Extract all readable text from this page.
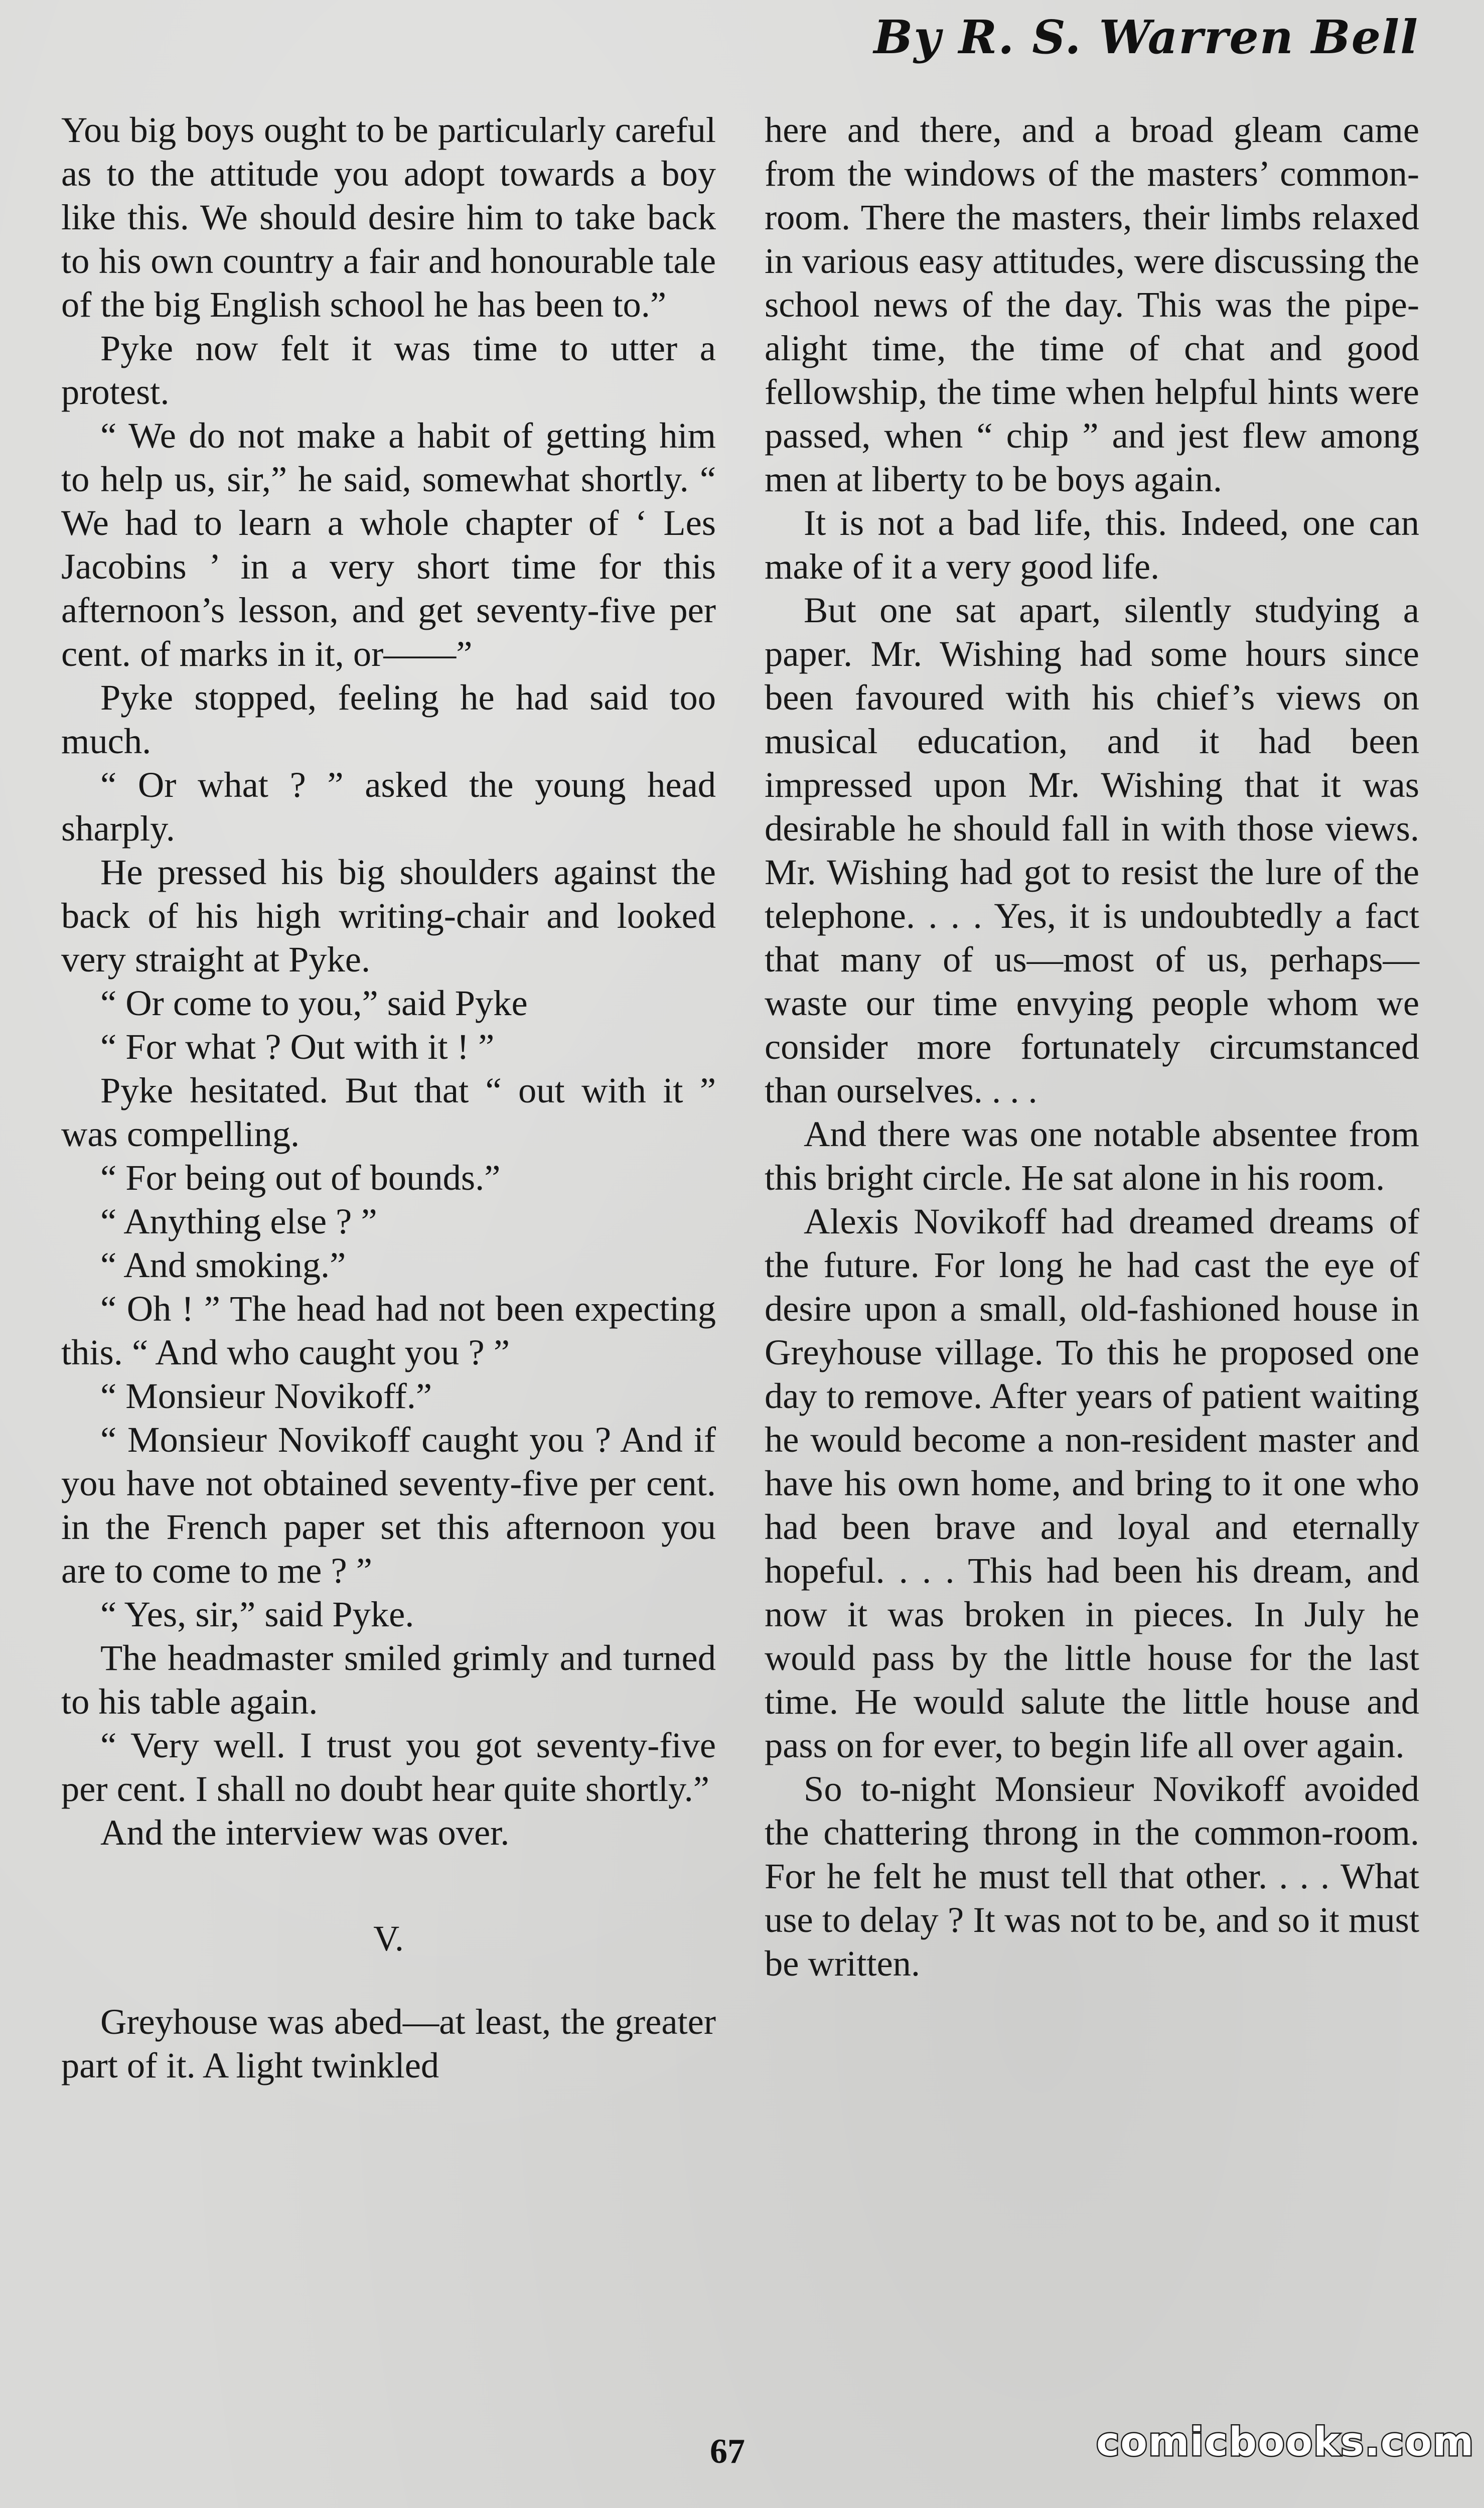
By R. S. Warren Bell

You big boys ought to be particularly careful as to the attitude you adopt towards a boy like this. We should desire him to take back to his own country a fair and honourable tale of the big English school he has been to.”

Pyke now felt it was time to utter a protest.

“ We do not make a habit of getting him to help us, sir,” he said, somewhat shortly. “ We had to learn a whole chapter of ‘ Les Jacobins ’ in a very short time for this afternoon’s lesson, and get seventy-five per cent. of marks in it, or——”

Pyke stopped, feeling he had said too much.

“ Or what ? ” asked the young head sharply.

He pressed his big shoulders against the back of his high writing-chair and looked very straight at Pyke.

“ Or come to you,” said Pyke

“ For what ? Out with it ! ”

Pyke hesitated. But that “ out with it ” was compelling.

“ For being out of bounds.”

“ Anything else ? ”

“ And smoking.”

“ Oh ! ” The head had not been expecting this. “ And who caught you ? ”

“ Monsieur Novikoff.”

“ Monsieur Novikoff caught you ? And if you have not obtained seventy-five per cent. in the French paper set this afternoon you are to come to me ? ”

“ Yes, sir,” said Pyke.

The headmaster smiled grimly and turned to his table again.

“ Very well. I trust you got seventy-five per cent. I shall no doubt hear quite shortly.”

And the interview was over.

V.

Greyhouse was abed—at least, the greater part of it. A light twinkled

here and there, and a broad gleam came from the windows of the masters’ common-room. There the masters, their limbs relaxed in various easy attitudes, were discussing the school news of the day. This was the pipe-alight time, the time of chat and good fellowship, the time when helpful hints were passed, when “ chip ” and jest flew among men at liberty to be boys again.

It is not a bad life, this. Indeed, one can make of it a very good life.

But one sat apart, silently studying a paper. Mr. Wishing had some hours since been favoured with his chief’s views on musical education, and it had been impressed upon Mr. Wishing that it was desirable he should fall in with those views. Mr. Wishing had got to resist the lure of the telephone. . . . Yes, it is undoubtedly a fact that many of us—most of us, perhaps—waste our time envying people whom we consider more fortunately circumstanced than ourselves. . . .

And there was one notable absentee from this bright circle. He sat alone in his room.

Alexis Novikoff had dreamed dreams of the future. For long he had cast the eye of desire upon a small, old-fashioned house in Greyhouse village. To this he proposed one day to remove. After years of patient waiting he would become a non-resident master and have his own home, and bring to it one who had been brave and loyal and eternally hopeful. . . . This had been his dream, and now it was broken in pieces. In July he would pass by the little house for the last time. He would salute the little house and pass on for ever, to begin life all over again.

So to-night Monsieur Novikoff avoided the chattering throng in the common-room. For he felt he must tell that other. . . . What use to delay ? It was not to be, and so it must be written.

67	comicbooks.com
